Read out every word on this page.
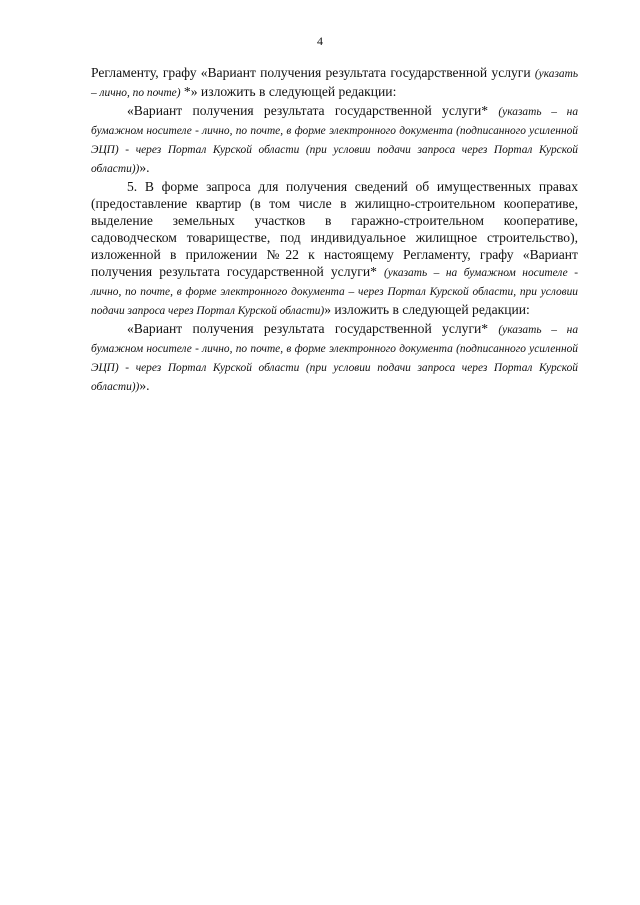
4

Регламенту, графу «Вариант получения результата государственной услуги (указать – лично, по почте) *» изложить в следующей редакции:

«Вариант получения результата государственной услуги* (указать – на бумажном носителе - лично, по почте, в форме электронного документа (подписанного усиленной ЭЦП) - через Портал Курской области (при условии подачи запроса через Портал Курской области))».

5. В форме запроса для получения сведений об имущественных правах (предоставление квартир (в том числе в жилищно-строительном кооперативе, выделение земельных участков в гаражно-строительном кооперативе, садоводческом товариществе, под индивидуальное жилищное строительство), изложенной в приложении №22 к настоящему Регламенту, графу «Вариант получения результата государственной услуги* (указать – на бумажном носителе - лично, по почте, в форме электронного документа – через Портал Курской области, при условии подачи запроса через Портал Курской области)» изложить в следующей редакции:

«Вариант получения результата государственной услуги* (указать – на бумажном носителе - лично, по почте, в форме электронного документа (подписанного усиленной ЭЦП) - через Портал Курской области (при условии подачи запроса через Портал Курской области))».
